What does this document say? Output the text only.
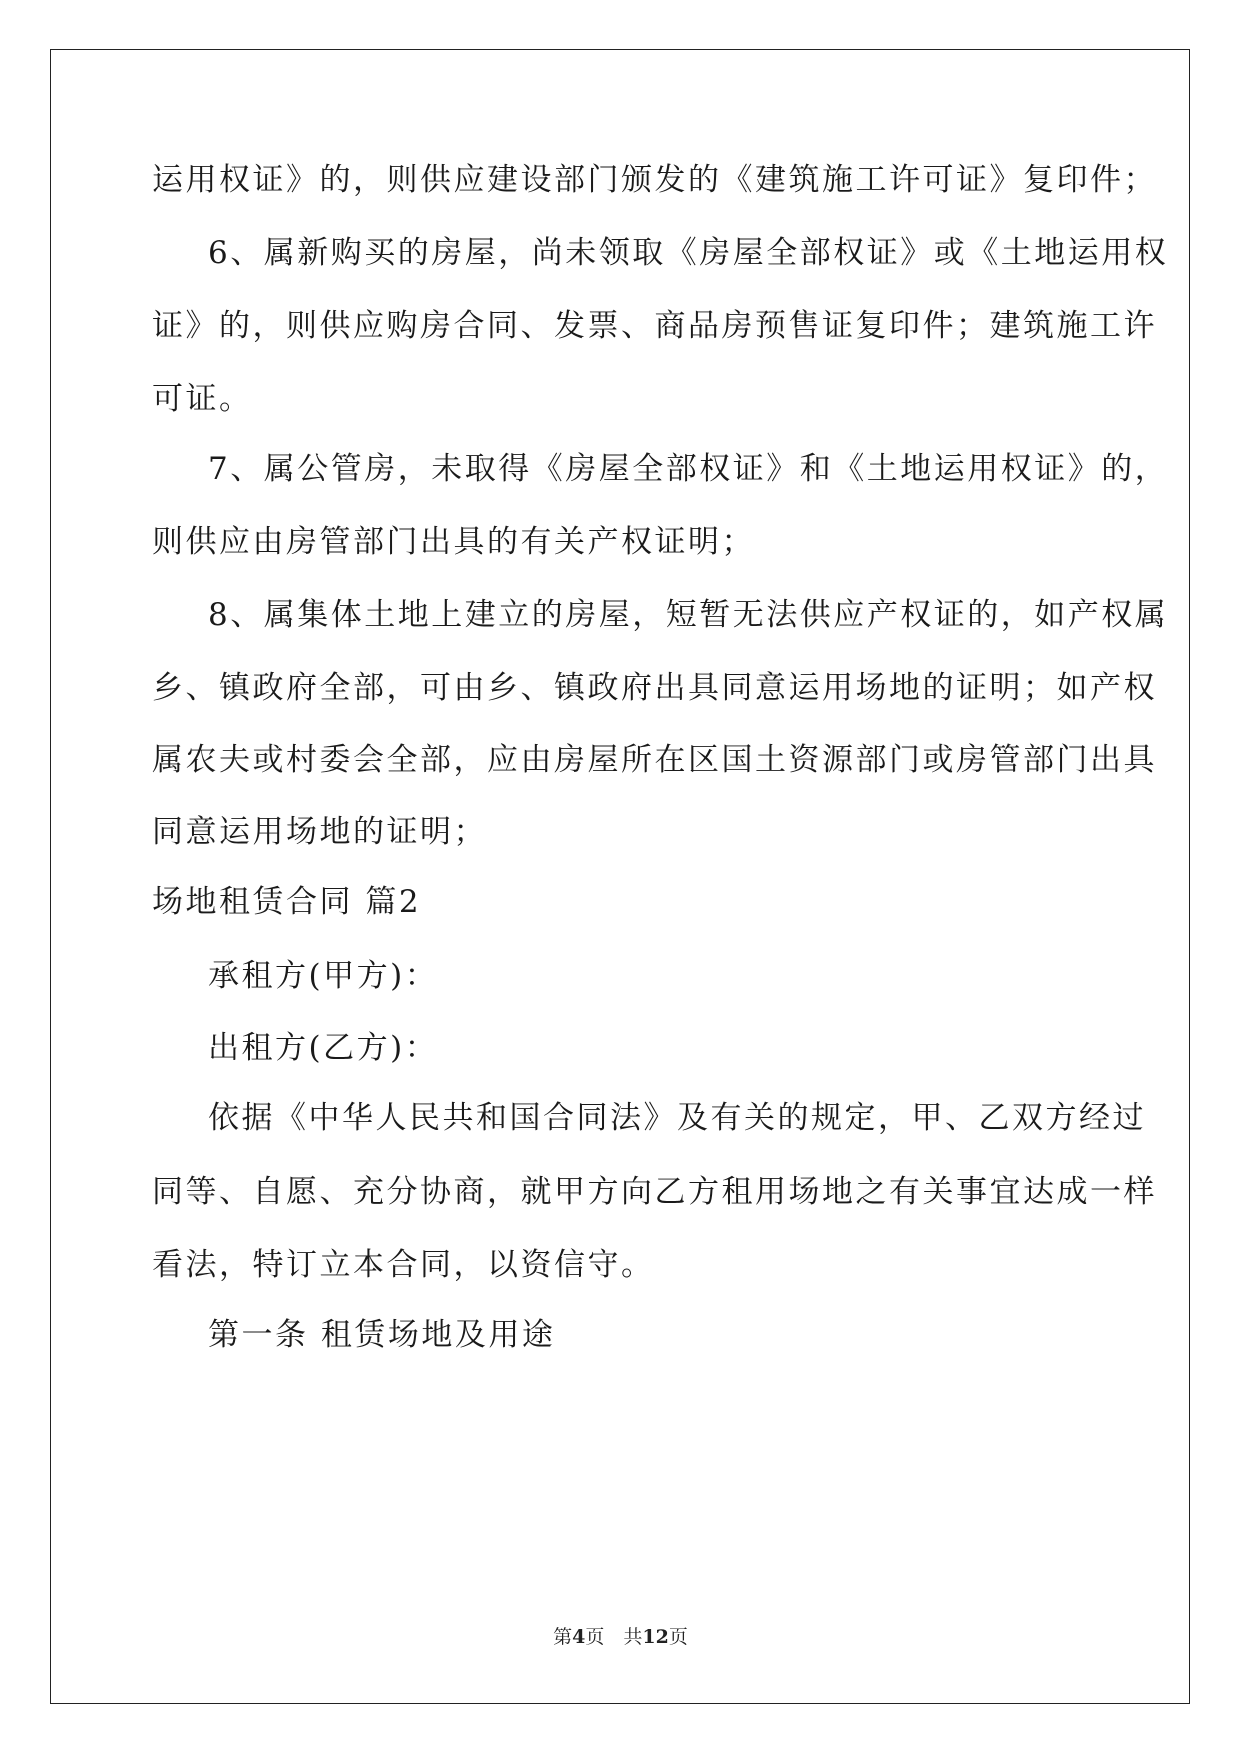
运用权证》的，则供应建设部门颁发的《建筑施工许可证》复印件；
6、属新购买的房屋，尚未领取《房屋全部权证》或《土地运用权
证》的，则供应购房合同、发票、商品房预售证复印件；建筑施工许
可证。
7、属公管房，未取得《房屋全部权证》和《土地运用权证》的，
则供应由房管部门出具的有关产权证明；
8、属集体土地上建立的房屋，短暂无法供应产权证的，如产权属
乡、镇政府全部，可由乡、镇政府出具同意运用场地的证明；如产权
属农夫或村委会全部，应由房屋所在区国土资源部门或房管部门出具
同意运用场地的证明；
场地租赁合同 篇2
承租方(甲方)：
出租方(乙方)：
依据《中华人民共和国合同法》及有关的规定，甲、乙双方经过
同等、自愿、充分协商，就甲方向乙方租用场地之有关事宜达成一样
看法，特订立本合同，以资信守。
第一条 租赁场地及用途
第4页　共12页
